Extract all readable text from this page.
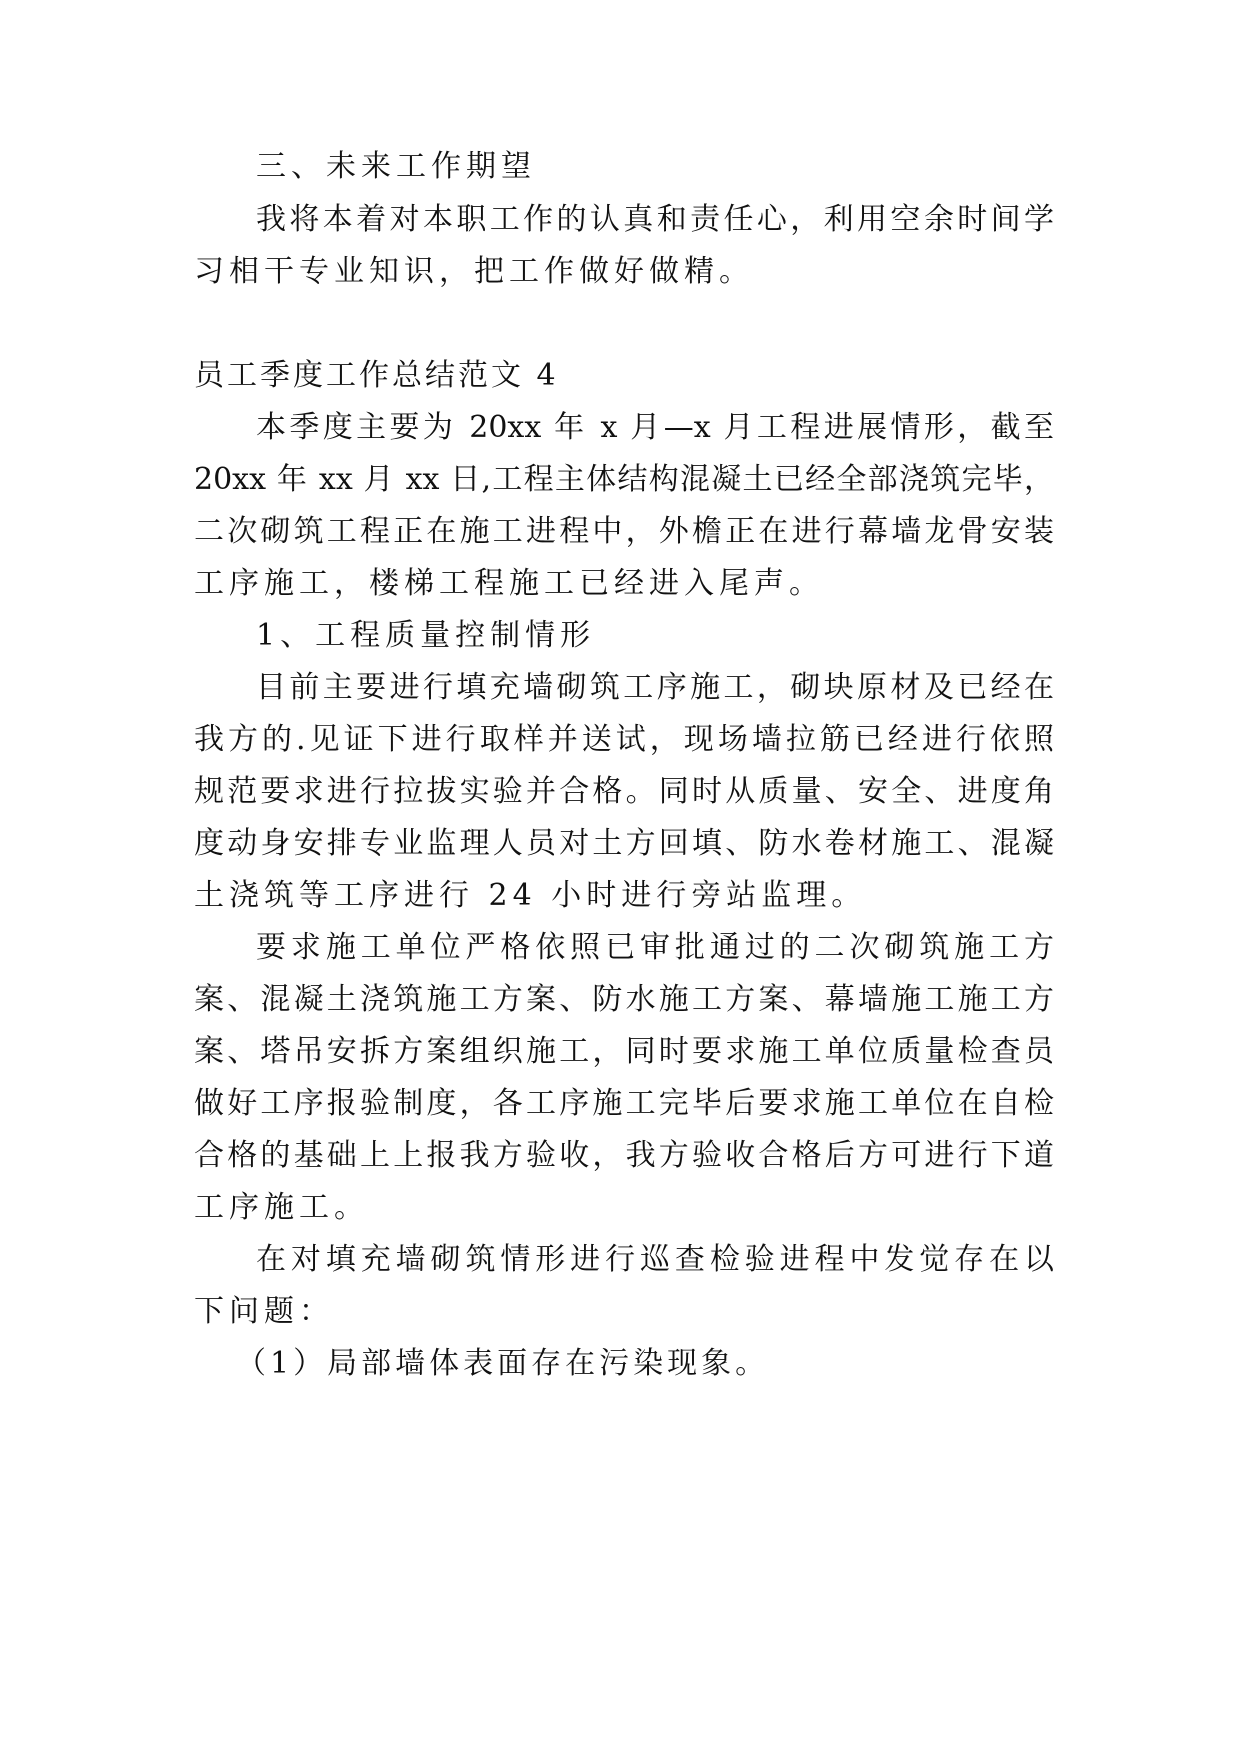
三、未来工作期望
我将本着对本职工作的认真和责任心，利用空余时间学
习相干专业知识，把工作做好做精。
员工季度工作总结范文 4
本季度主要为 20xx 年 x 月—x 月工程进展情形，截至
20xx 年 xx 月 xx 日,工程主体结构混凝土已经全部浇筑完毕，
二次砌筑工程正在施工进程中，外檐正在进行幕墙龙骨安装
工序施工，楼梯工程施工已经进入尾声。
1、工程质量控制情形
目前主要进行填充墙砌筑工序施工，砌块原材及已经在
我方的.见证下进行取样并送试，现场墙拉筋已经进行依照
规范要求进行拉拔实验并合格。同时从质量、安全、进度角
度动身安排专业监理人员对土方回填、防水卷材施工、混凝
土浇筑等工序进行 24 小时进行旁站监理。
要求施工单位严格依照已审批通过的二次砌筑施工方
案、混凝土浇筑施工方案、防水施工方案、幕墙施工施工方
案、塔吊安拆方案组织施工，同时要求施工单位质量检查员
做好工序报验制度，各工序施工完毕后要求施工单位在自检
合格的基础上上报我方验收，我方验收合格后方可进行下道
工序施工。
在对填充墙砌筑情形进行巡查检验进程中发觉存在以
下问题：
（1）局部墙体表面存在污染现象。
